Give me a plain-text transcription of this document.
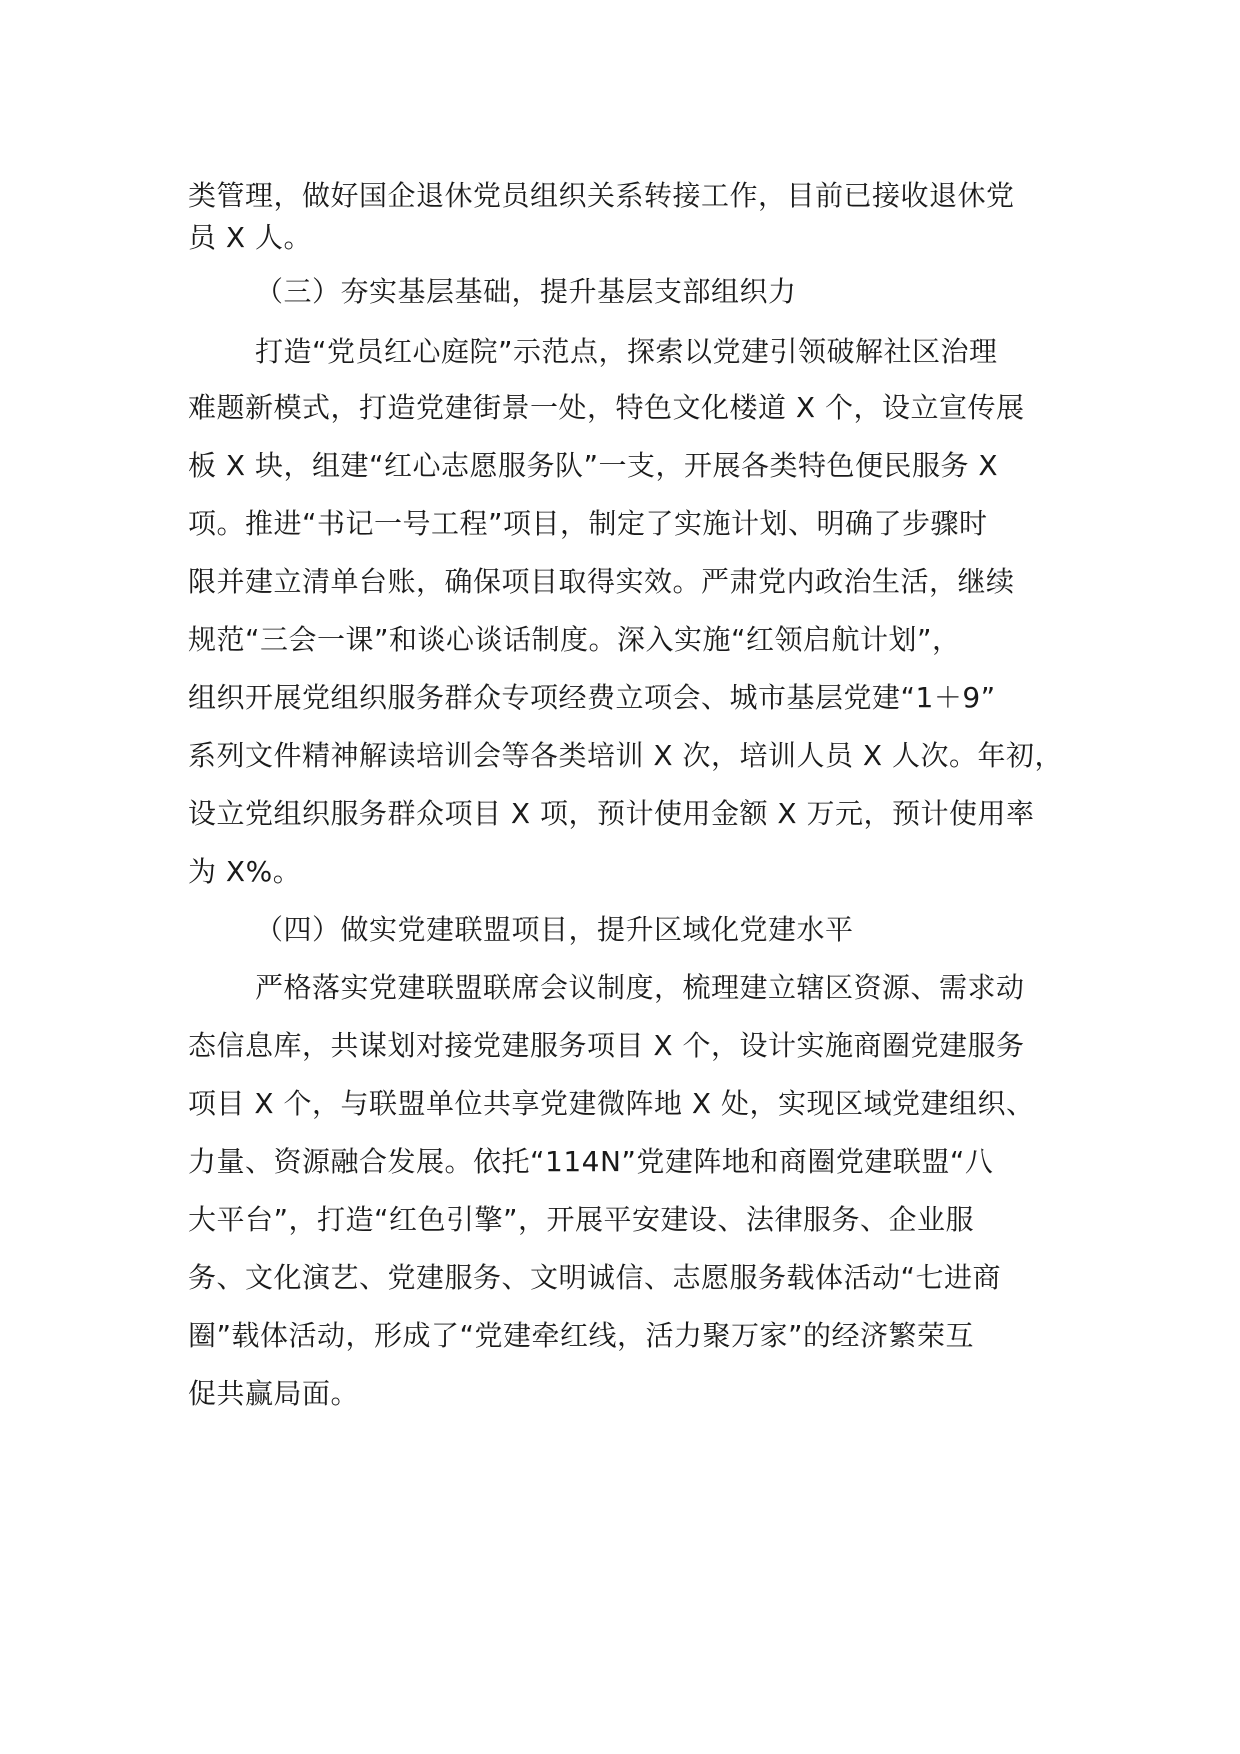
类管理，做好国企退休党员组织关系转接工作，目前已接收退休党
员 X 人。
（三）夯实基层基础，提升基层支部组织力
打造“党员红心庭院”示范点，探索以党建引领破解社区治理
难题新模式，打造党建街景一处，特色文化楼道 X 个，设立宣传展
板 X 块，组建“红心志愿服务队”一支，开展各类特色便民服务 X
项。推进“书记一号工程”项目，制定了实施计划、明确了步骤时
限并建立清单台账，确保项目取得实效。严肃党内政治生活，继续
规范“三会一课”和谈心谈话制度。深入实施“红领启航计划”，
组织开展党组织服务群众专项经费立项会、城市基层党建“1＋9”
系列文件精神解读培训会等各类培训 X 次，培训人员 X 人次。年初，
设立党组织服务群众项目 X 项，预计使用金额 X 万元，预计使用率
为 X%。
（四）做实党建联盟项目，提升区域化党建水平
严格落实党建联盟联席会议制度，梳理建立辖区资源、需求动
态信息库，共谋划对接党建服务项目 X 个，设计实施商圈党建服务
项目 X 个，与联盟单位共享党建微阵地 X 处，实现区域党建组织、
力量、资源融合发展。依托“114N”党建阵地和商圈党建联盟“八
大平台”，打造“红色引擎”，开展平安建设、法律服务、企业服
务、文化演艺、党建服务、文明诚信、志愿服务载体活动“七进商
圈”载体活动，形成了“党建牵红线，活力聚万家”的经济繁荣互
促共赢局面。
